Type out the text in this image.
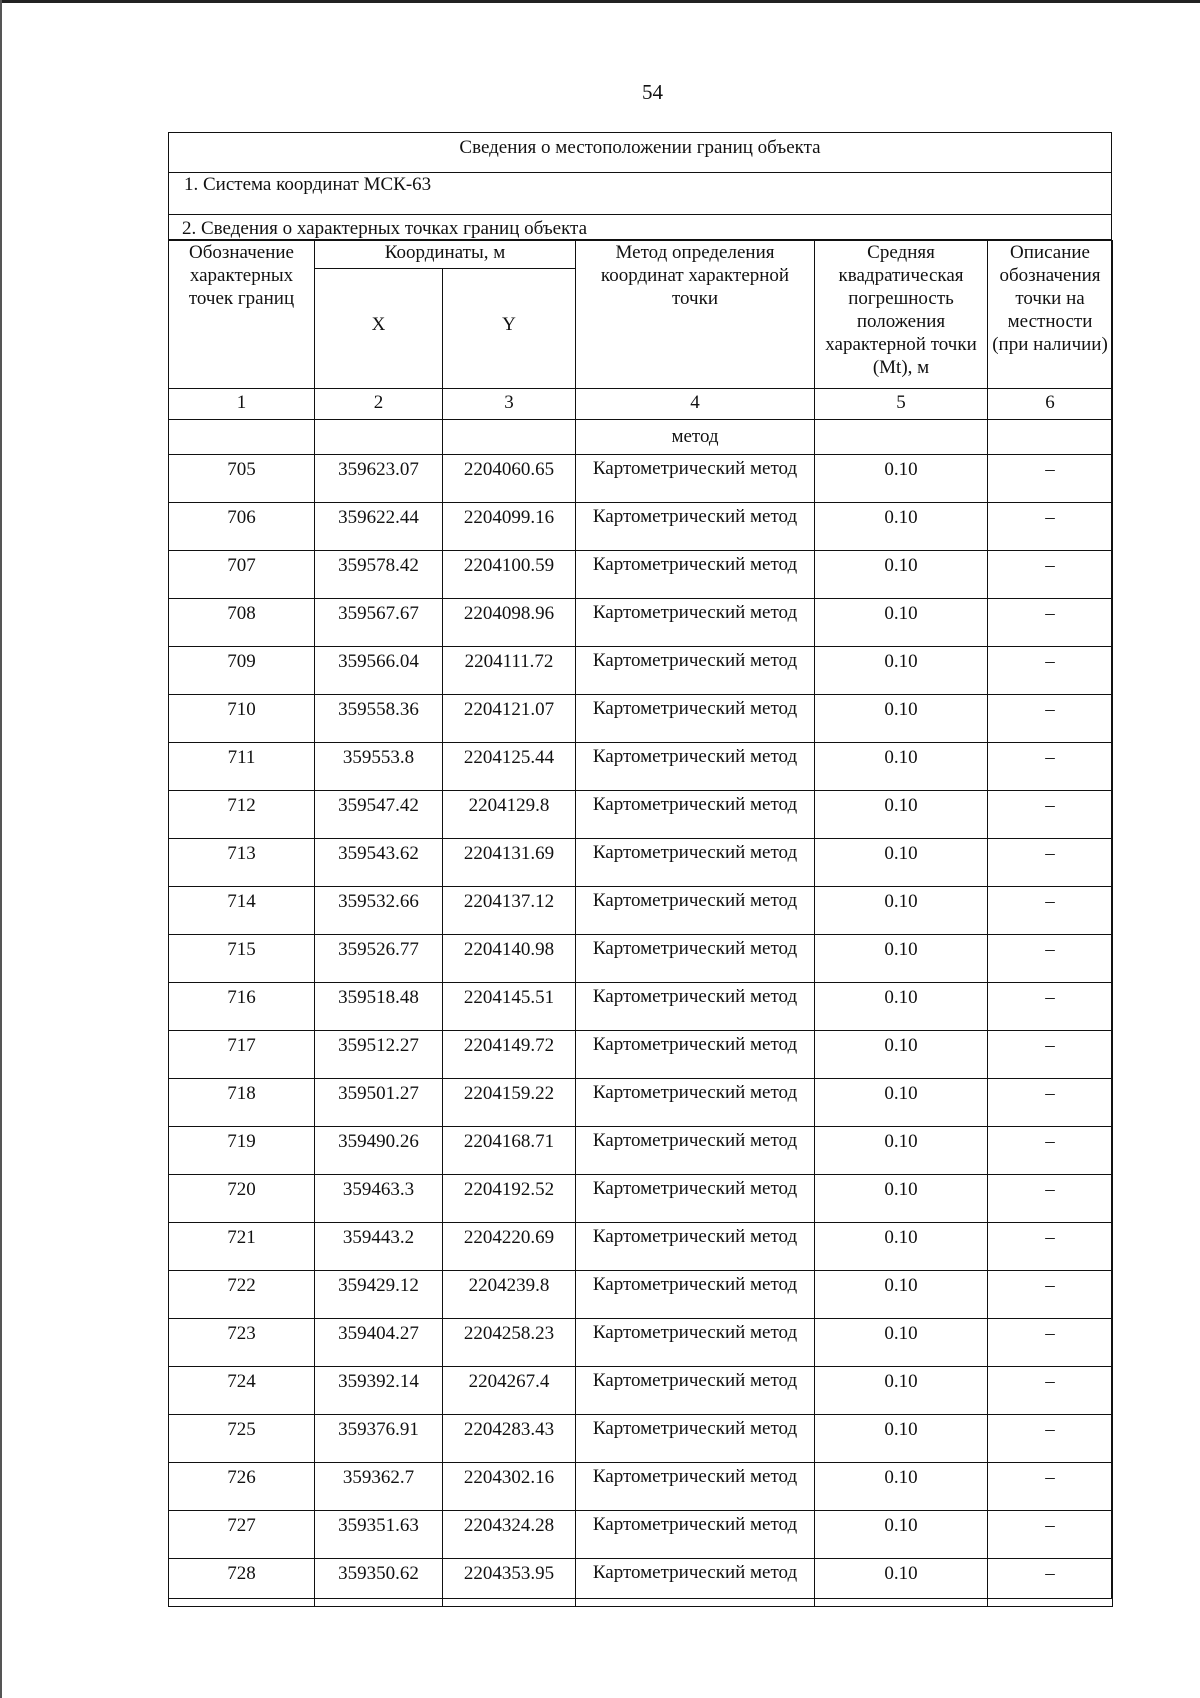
54
Сведения о местоположении границ объекта
1. Система координат МСК-63
2. Сведения о характерных точках границ объекта
Обозначение характерных точек границ	Координаты, м		Метод определения координат характерной точки	Средняя квадратическая погрешность положения характерной точки (Mt), м	Описание обозначения точки на местности (при наличии)

	X	Y			

1	2	3	4	5	6
			метод		
705	359623.07	2204060.65	Картометрический метод	0.10	–
706	359622.44	2204099.16	Картометрический метод	0.10	–
707	359578.42	2204100.59	Картометрический метод	0.10	–
708	359567.67	2204098.96	Картометрический метод	0.10	–
709	359566.04	2204111.72	Картометрический метод	0.10	–
710	359558.36	2204121.07	Картометрический метод	0.10	–
711	359553.8	2204125.44	Картометрический метод	0.10	–
712	359547.42	2204129.8	Картометрический метод	0.10	–
713	359543.62	2204131.69	Картометрический метод	0.10	–
714	359532.66	2204137.12	Картометрический метод	0.10	–
715	359526.77	2204140.98	Картометрический метод	0.10	–
716	359518.48	2204145.51	Картометрический метод	0.10	–
717	359512.27	2204149.72	Картометрический метод	0.10	–
718	359501.27	2204159.22	Картометрический метод	0.10	–
719	359490.26	2204168.71	Картометрический метод	0.10	–
720	359463.3	2204192.52	Картометрический метод	0.10	–
721	359443.2	2204220.69	Картометрический метод	0.10	–
722	359429.12	2204239.8	Картометрический метод	0.10	–
723	359404.27	2204258.23	Картометрический метод	0.10	–
724	359392.14	2204267.4	Картометрический метод	0.10	–
725	359376.91	2204283.43	Картометрический метод	0.10	–
726	359362.7	2204302.16	Картометрический метод	0.10	–
727	359351.63	2204324.28	Картометрический метод	0.10	–
728	359350.62	2204353.95	Картометрический метод	0.10	–
